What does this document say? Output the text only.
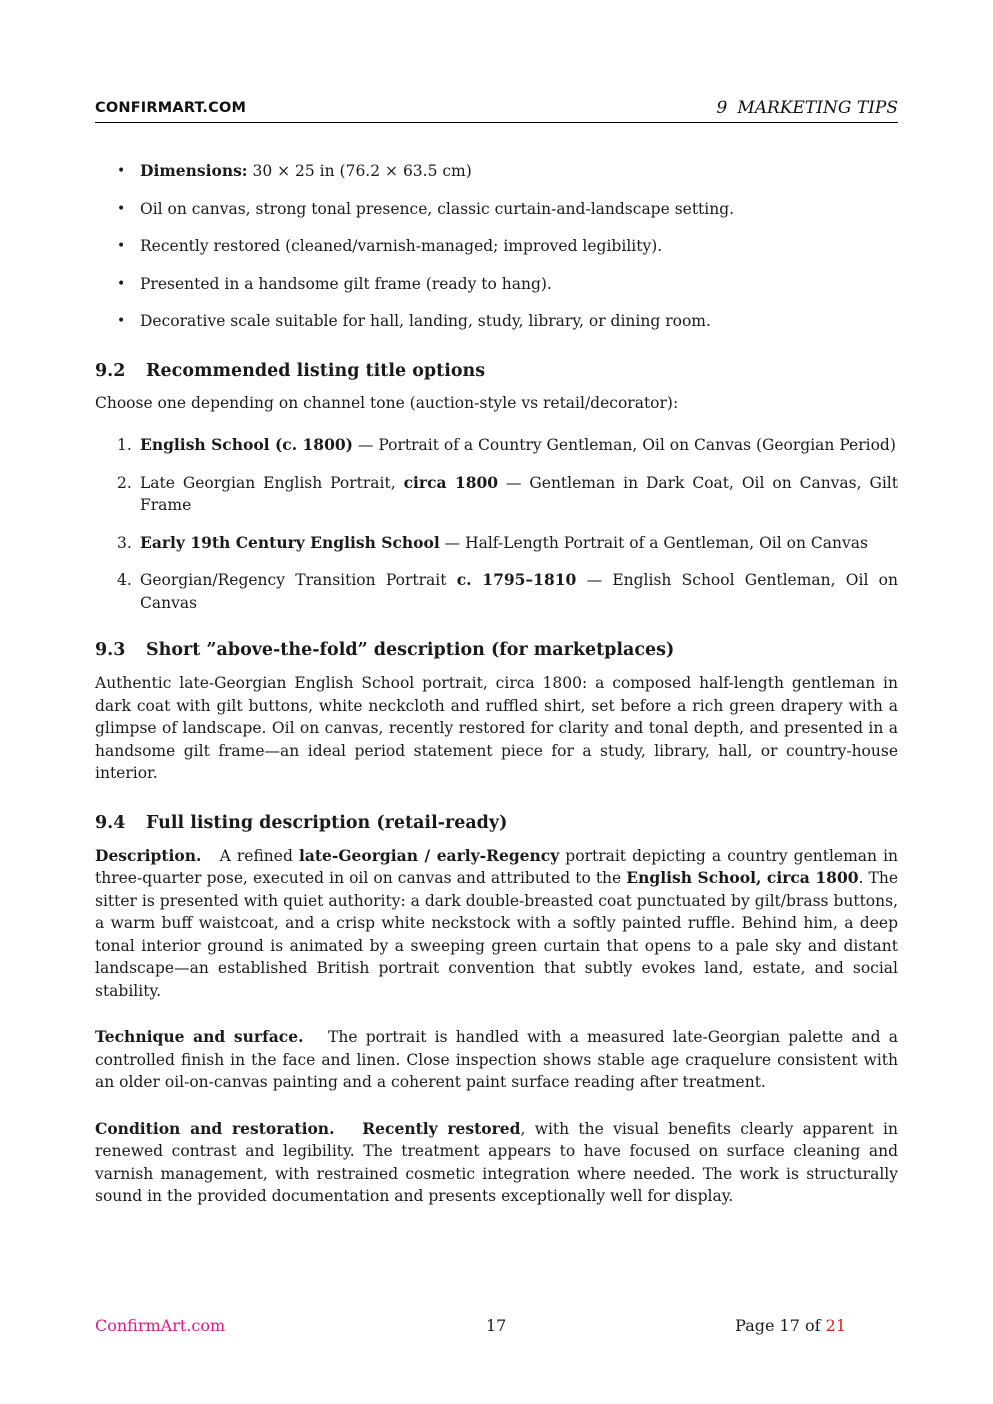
CONFIRMART.COM	9 MARKETING TIPS
• Dimensions: 30 × 25 in (76.2 × 63.5 cm)
• Oil on canvas, strong tonal presence, classic curtain-and-landscape setting.
• Recently restored (cleaned/varnish-managed; improved legibility).
• Presented in a handsome gilt frame (ready to hang).
• Decorative scale suitable for hall, landing, study, library, or dining room.
9.2 Recommended listing title options

Choose one depending on channel tone (auction-style vs retail/decorator):

1. English School (c. 1800) — Portrait of a Country Gentleman, Oil on Canvas (Georgian Period)
2. Late Georgian English Portrait, circa 1800 — Gentleman in Dark Coat, Oil on Canvas, Gilt Frame
3. Early 19th Century English School — Half-Length Portrait of a Gentleman, Oil on Canvas
4. Georgian/Regency Transition Portrait c. 1795–1810 — English School Gentleman, Oil on Canvas
9.3 Short ”above-the-fold” description (for marketplaces)

Authentic late-Georgian English School portrait, circa 1800: a composed half-length gentleman in dark coat with gilt buttons, white neckcloth and ruffled shirt, set before a rich green drapery with a glimpse of landscape. Oil on canvas, recently restored for clarity and tonal depth, and presented in a handsome gilt frame—an ideal period statement piece for a study, library, hall, or country-house interior.

9.4 Full listing description (retail-ready)

Description. A refined late-Georgian / early-Regency portrait depicting a country gentleman in three-quarter pose, executed in oil on canvas and attributed to the English School, circa 1800. The sitter is presented with quiet authority: a dark double-breasted coat punctuated by gilt/brass buttons, a warm buff waistcoat, and a crisp white neckstock with a softly painted ruffle. Behind him, a deep tonal interior ground is animated by a sweeping green curtain that opens to a pale sky and distant landscape—an established British portrait convention that subtly evokes land, estate, and social stability.

Technique and surface. The portrait is handled with a measured late-Georgian palette and a controlled finish in the face and linen. Close inspection shows stable age craquelure consistent with an older oil-on-canvas painting and a coherent paint surface reading after treatment.

Condition and restoration. Recently restored, with the visual benefits clearly apparent in renewed contrast and legibility. The treatment appears to have focused on surface cleaning and varnish management, with restrained cosmetic integration where needed. The work is structurally sound in the provided documentation and presents exceptionally well for display.

ConfirmArt.com	17	Page 17 of 21
